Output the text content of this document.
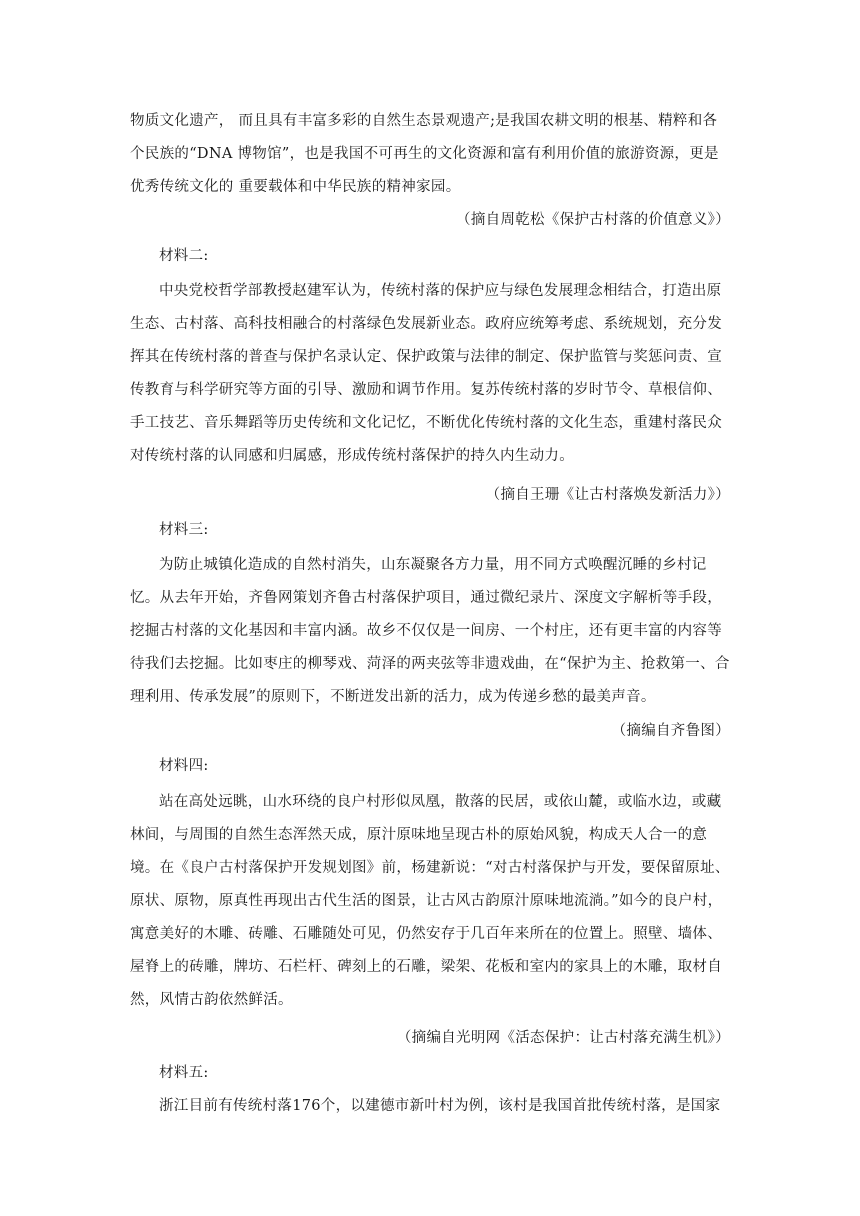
物质文化遗产， 而且具有丰富多彩的自然生态景观遗产;是我国农耕文明的根基、精粹和各个民族的“DNA 博物馆”，也是我国不可再生的文化资源和富有利用价值的旅游资源，更是优秀传统文化的 重要载体和中华民族的精神家园。
（摘自周乾松《保护古村落的价值意义》）
材料二:
中央党校哲学部教授赵建军认为，传统村落的保护应与绿色发展理念相结合，打造出原生态、古村落、高科技相融合的村落绿色发展新业态。政府应统筹考虑、系统规划，充分发挥其在传统村落的普查与保护名录认定、保护政策与法律的制定、保护监管与奖惩问责、宣传教育与科学研究等方面的引导、激励和调节作用。复苏传统村落的岁时节令、草根信仰、手工技艺、音乐舞蹈等历史传统和文化记忆，不断优化传统村落的文化生态，重建村落民众对传统村落的认同感和归属感，形成传统村落保护的持久内生动力。
（摘自王珊《让古村落焕发新活力》）
材料三:
为防止城镇化造成的自然村消失，山东凝聚各方力量，用不同方式唤醒沉睡的乡村记忆。从去年开始，齐鲁网策划齐鲁古村落保护项目，通过微纪录片、深度文字解析等手段，挖掘古村落的文化基因和丰富内涵。故乡不仅仅是一间房、一个村庄，还有更丰富的内容等待我们去挖掘。比如枣庄的柳琴戏、菏泽的两夹弦等非遗戏曲，在“保护为主、抢救第一、合理利用、传承发展”的原则下，不断迸发出新的活力，成为传递乡愁的最美声音。
（摘编自齐鲁图）
材料四:
站在高处远眺，山水环绕的良户村形似凤凰，散落的民居，或依山麓，或临水边，或藏林间，与周围的自然生态浑然天成，原汁原味地呈现古朴的原始风貌，构成天人合一的意境。在《良户古村落保护开发规划图》前，杨建新说：“对古村落保护与开发，要保留原址、原状、原物，原真性再现出古代生活的图景，让古风古韵原汁原味地流淌。”如今的良户村，寓意美好的木雕、砖雕、石雕随处可见，仍然安存于几百年来所在的位置上。照壁、墙体、屋脊上的砖雕，牌坊、石栏杆、碑刻上的石雕，梁架、花板和室内的家具上的木雕，取材自然，风情古韵依然鲜活。
（摘编自光明网《活态保护：让古村落充满生机》）
材料五:
浙江目前有传统村落176个，以建德市新叶村为例，该村是我国首批传统村落，是国家
